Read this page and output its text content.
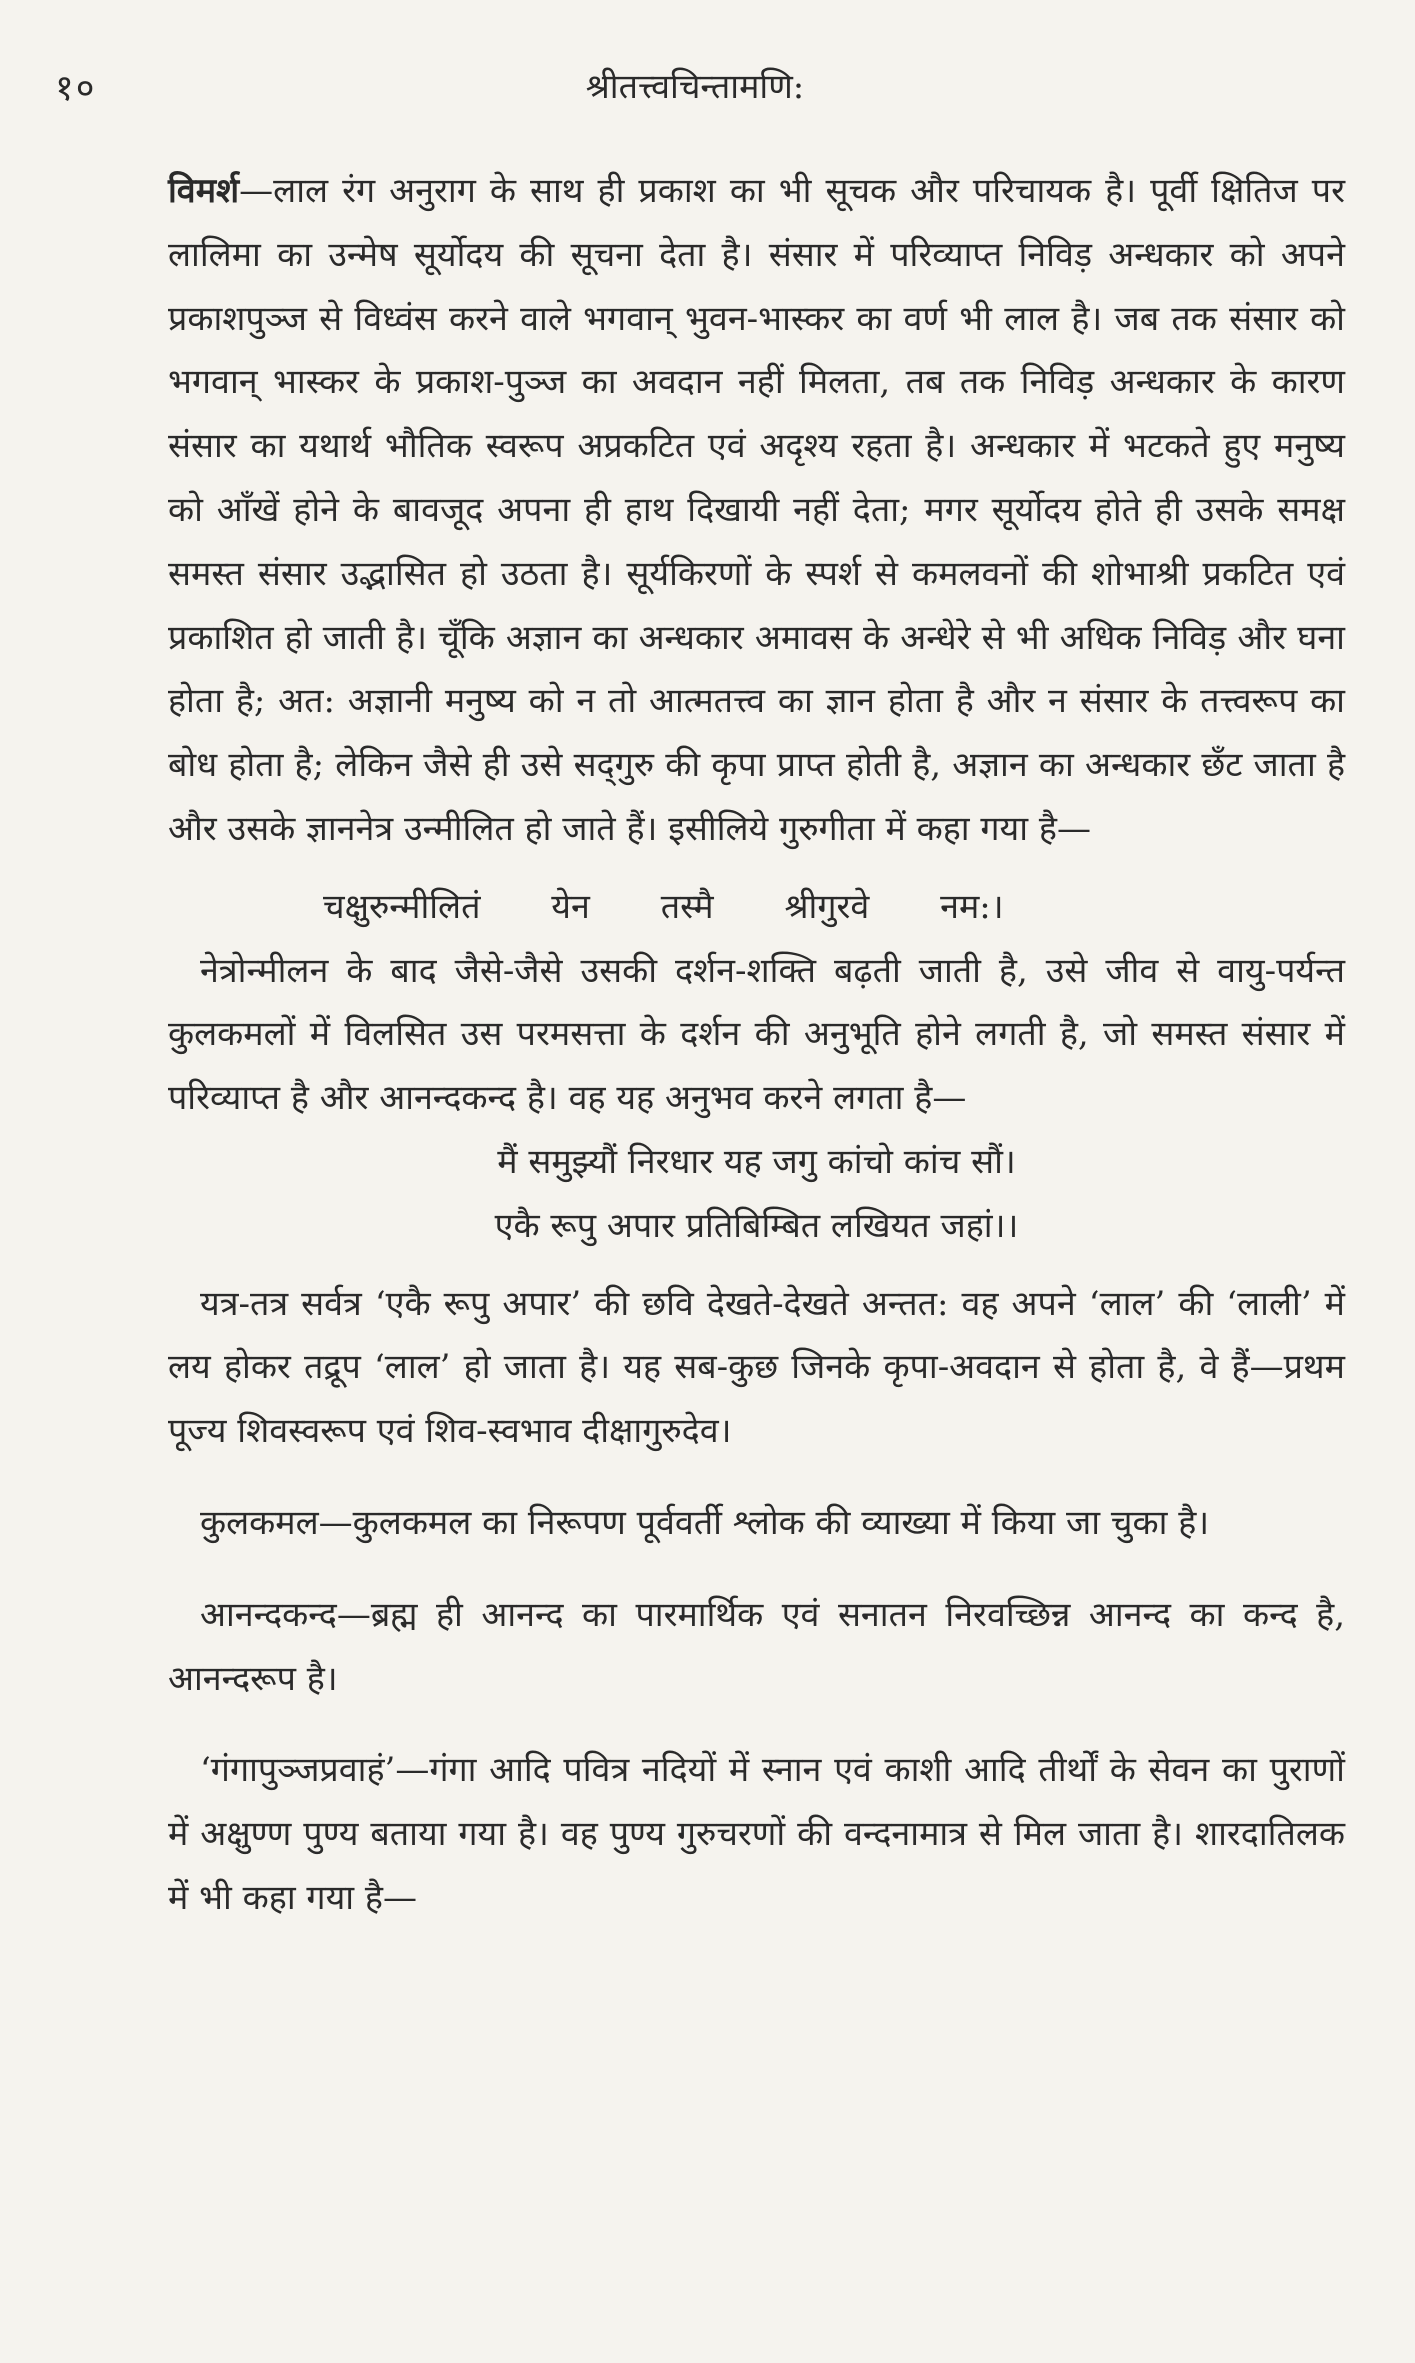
१०	श्रीतत्त्वचिन्तामणि:

विमर्श—लाल रंग अनुराग के साथ ही प्रकाश का भी सूचक और परिचायक है। पूर्वी क्षितिज पर लालिमा का उन्मेष सूर्योदय की सूचना देता है। संसार में परिव्याप्त निविड़ अन्धकार को अपने प्रकाशपुञ्ज से विध्वंस करने वाले भगवान् भुवन-भास्कर का वर्ण भी लाल है। जब तक संसार को भगवान् भास्कर के प्रकाश-पुञ्ज का अवदान नहीं मिलता, तब तक निविड़ अन्धकार के कारण संसार का यथार्थ भौतिक स्वरूप अप्रकटित एवं अदृश्य रहता है। अन्धकार में भटकते हुए मनुष्य को आँखें होने के बावजूद अपना ही हाथ दिखायी नहीं देता; मगर सूर्योदय होते ही उसके समक्ष समस्त संसार उद्भासित हो उठता है। सूर्यकिरणों के स्पर्श से कमलवनों की शोभाश्री प्रकटित एवं प्रकाशित हो जाती है। चूँकि अज्ञान का अन्धकार अमावस के अन्धेरे से भी अधिक निविड़ और घना होता है; अत: अज्ञानी मनुष्य को न तो आत्मतत्त्व का ज्ञान होता है और न संसार के तत्त्वरूप का बोध होता है; लेकिन जैसे ही उसे सद्‌गुरु की कृपा प्राप्त होती है, अज्ञान का अन्धकार छँट जाता है और उसके ज्ञाननेत्र उन्मीलित हो जाते हैं। इसीलिये गुरुगीता में कहा गया है—

चक्षुरुन्मीलितं येन तस्मै श्रीगुरवे नम:।

नेत्रोन्मीलन के बाद जैसे-जैसे उसकी दर्शन-शक्ति बढ़ती जाती है, उसे जीव से वायु-पर्यन्त कुलकमलों में विलसित उस परमसत्ता के दर्शन की अनुभूति होने लगती है, जो समस्त संसार में परिव्याप्त है और आनन्दकन्द है। वह यह अनुभव करने लगता है—

मैं समुझ्यौं निरधार यह जगु कांचो कांच सौं।
एकै रूपु अपार प्रतिबिम्बित लखियत जहां।।

यत्र-तत्र सर्वत्र ‘एकै रूपु अपार’ की छवि देखते-देखते अन्तत: वह अपने ‘लाल’ की ‘लाली’ में लय होकर तद्रूप ‘लाल’ हो जाता है। यह सब-कुछ जिनके कृपा-अवदान से होता है, वे हैं—प्रथम पूज्य शिवस्वरूप एवं शिव-स्वभाव दीक्षागुरुदेव।

कुलकमल—कुलकमल का निरूपण पूर्ववर्ती श्लोक की व्याख्या में किया जा चुका है।

आनन्दकन्द—ब्रह्म ही आनन्द का पारमार्थिक एवं सनातन निरवच्छिन्न आनन्द का कन्द है, आनन्दरूप है।

‘गंगापुञ्जप्रवाहं’—गंगा आदि पवित्र नदियों में स्नान एवं काशी आदि तीर्थों के सेवन का पुराणों में अक्षुण्ण पुण्य बताया गया है। वह पुण्य गुरुचरणों की वन्दनामात्र से मिल जाता है। शारदातिलक में भी कहा गया है—
